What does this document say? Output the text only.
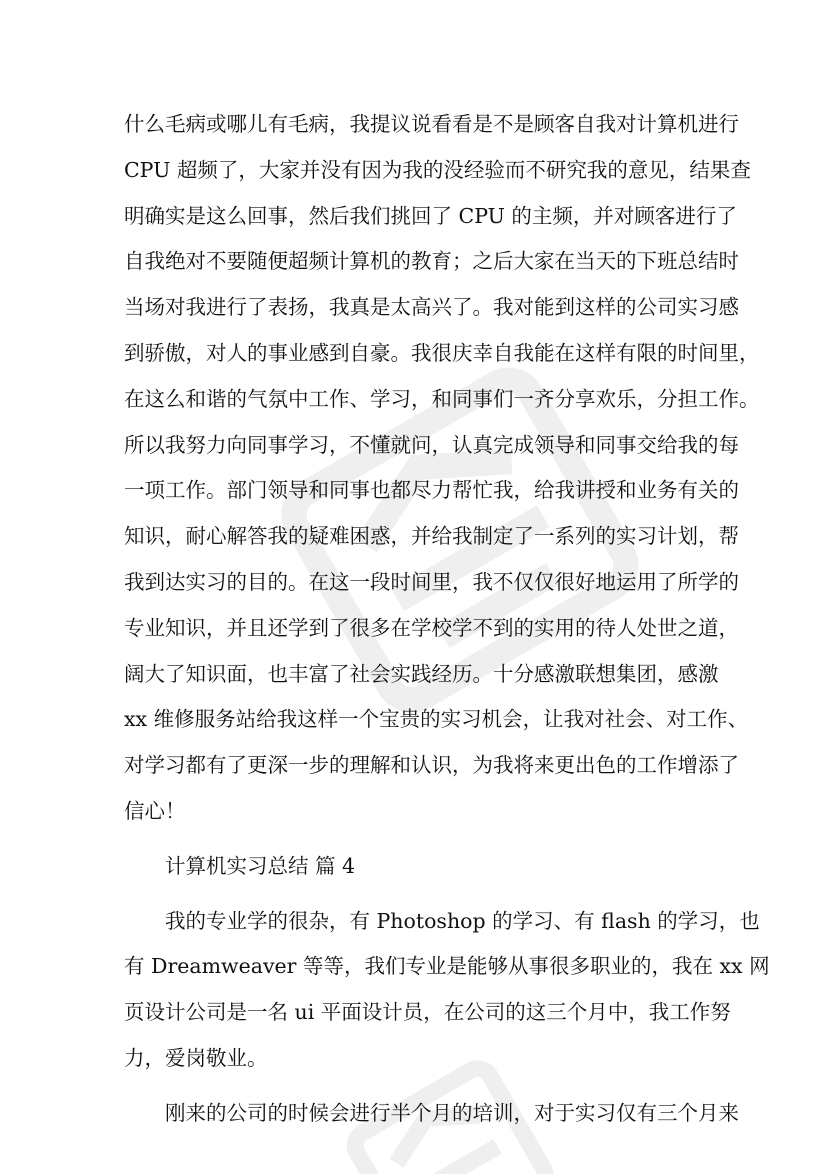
什么毛病或哪儿有毛病，我提议说看看是不是顾客自我对计算机进行
CPU 超频了，大家并没有因为我的没经验而不研究我的意见，结果查
明确实是这么回事，然后我们挑回了 CPU 的主频，并对顾客进行了
自我绝对不要随便超频计算机的教育；之后大家在当天的下班总结时
当场对我进行了表扬，我真是太高兴了。我对能到这样的公司实习感
到骄傲，对人的事业感到自豪。我很庆幸自我能在这样有限的时间里，
在这么和谐的气氛中工作、学习，和同事们一齐分享欢乐，分担工作。
所以我努力向同事学习，不懂就问，认真完成领导和同事交给我的每
一项工作。部门领导和同事也都尽力帮忙我，给我讲授和业务有关的
知识，耐心解答我的疑难困惑，并给我制定了一系列的实习计划，帮
我到达实习的目的。在这一段时间里，我不仅仅很好地运用了所学的
专业知识，并且还学到了很多在学校学不到的实用的待人处世之道，
阔大了知识面，也丰富了社会实践经历。十分感激联想集团，感激
xx 维修服务站给我这样一个宝贵的实习机会，让我对社会、对工作、
对学习都有了更深一步的理解和认识，为我将来更出色的工作增添了
信心！
计算机实习总结 篇 4
我的专业学的很杂，有 Photoshop 的学习、有 flash 的学习，也
有 Dreamweaver 等等，我们专业是能够从事很多职业的，我在 xx 网
页设计公司是一名 ui 平面设计员，在公司的这三个月中，我工作努
力，爱岗敬业。
刚来的公司的时候会进行半个月的培训，对于实习仅有三个月来
